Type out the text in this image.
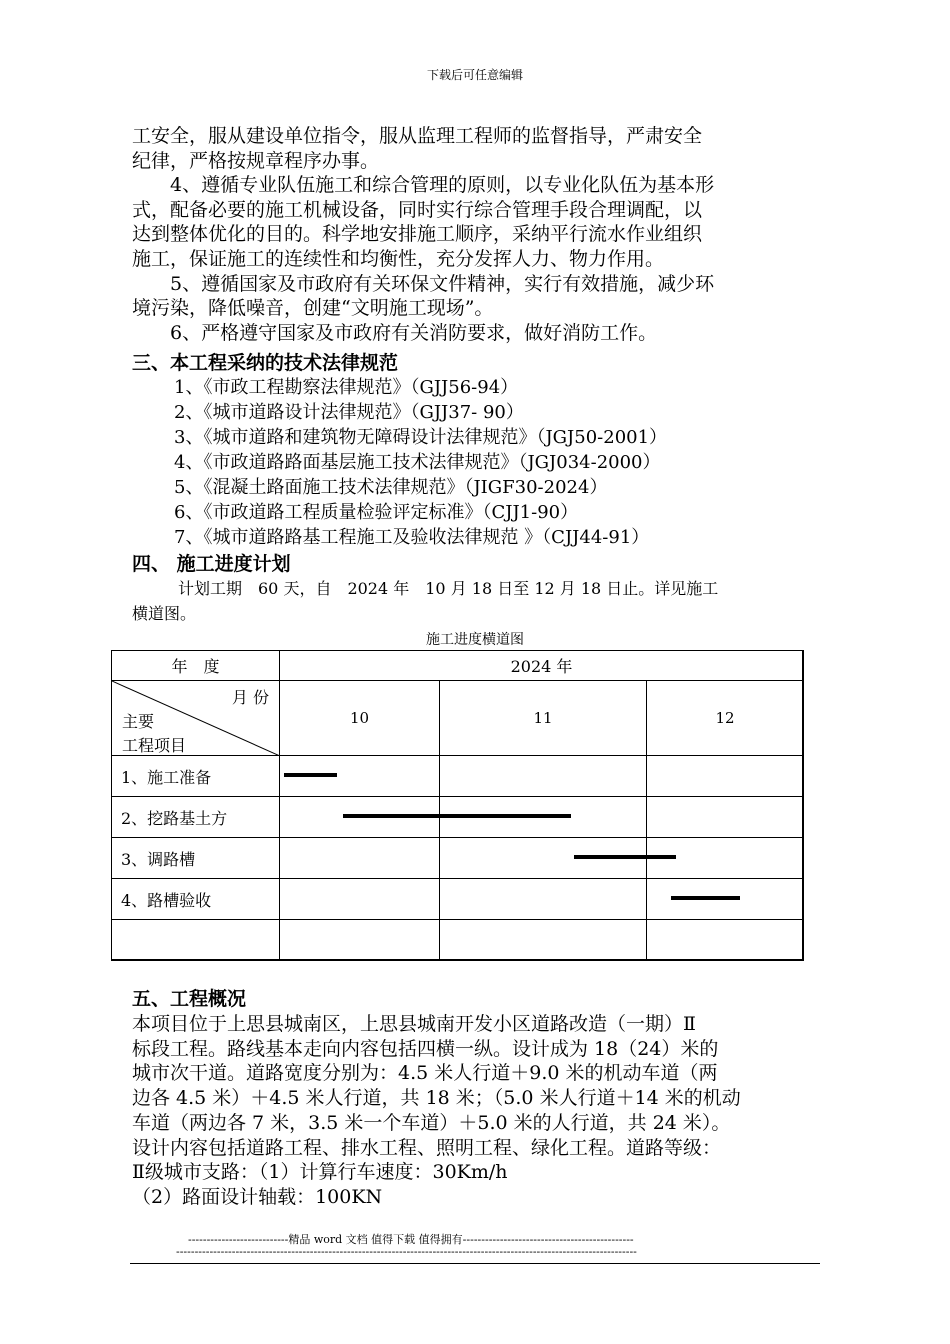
下载后可任意编辑
工安全，服从建设单位指令，服从监理工程师的监督指导，严肃安全
纪律，严格按规章程序办事。
　　4、遵循专业队伍施工和综合管理的原则，以专业化队伍为基本形
式，配备必要的施工机械设备，同时实行综合管理手段合理调配，以
达到整体优化的目的。科学地安排施工顺序，采纳平行流水作业组织
施工，保证施工的连续性和均衡性，充分发挥人力、物力作用。
　　5、遵循国家及市政府有关环保文件精神，实行有效措施，减少环
境污染，降低噪音，创建“文明施工现场”。
　　6、严格遵守国家及市政府有关消防要求，做好消防工作。
三、本工程采纳的技术法律规范
1、《市政工程勘察法律规范》（GJJ56-94）
2、《城市道路设计法律规范》（GJJ37- 90）
3、《城市道路和建筑物无障碍设计法律规范》（JGJ50-2001）
4、《市政道路路面基层施工技术法律规范》（JGJ034-2000）
5、《混凝土路面施工技术法律规范》（JIGF30-2024）
6、《市政道路工程质量检验评定标准》（CJJ1-90）
7、《城市道路路基工程施工及验收法律规范 》（CJJ44-91）
四、 施工进度计划
计划工期　60 天，自　2024 年　10 月 18 日至 12 月 18 日止。详见施工
横道图。
施工进度横道图
年　度	2024 年		

月 份
主要
工程项目	10	11	12
1、施工准备			
2、挖路基土方			
3、调路槽			
4、路槽验收			

五、工程概况
本项目位于上思县城南区，上思县城南开发小区道路改造（一期）Ⅱ
标段工程。路线基本走向内容包括四横一纵。设计成为 18（24）米的
城市次干道。道路宽度分别为：4.5 米人行道＋9.0 米的机动车道（两
边各 4.5 米）＋4.5 米人行道，共 18 米；（5.0 米人行道＋14 米的机动
车道（两边各 7 米，3.5 米一个车道）＋5.0 米的人行道，共 24 米）。
设计内容包括道路工程、排水工程、照明工程、绿化工程。道路等级：
Ⅱ级城市支路：（1）计算行车速度：30Km/h
（2）路面设计轴载：100KN
---------------------------精品 word 文档 值得下载 值得拥有----------------------------------------------
----------------------------------------------------------------------------------------------------------------------------
